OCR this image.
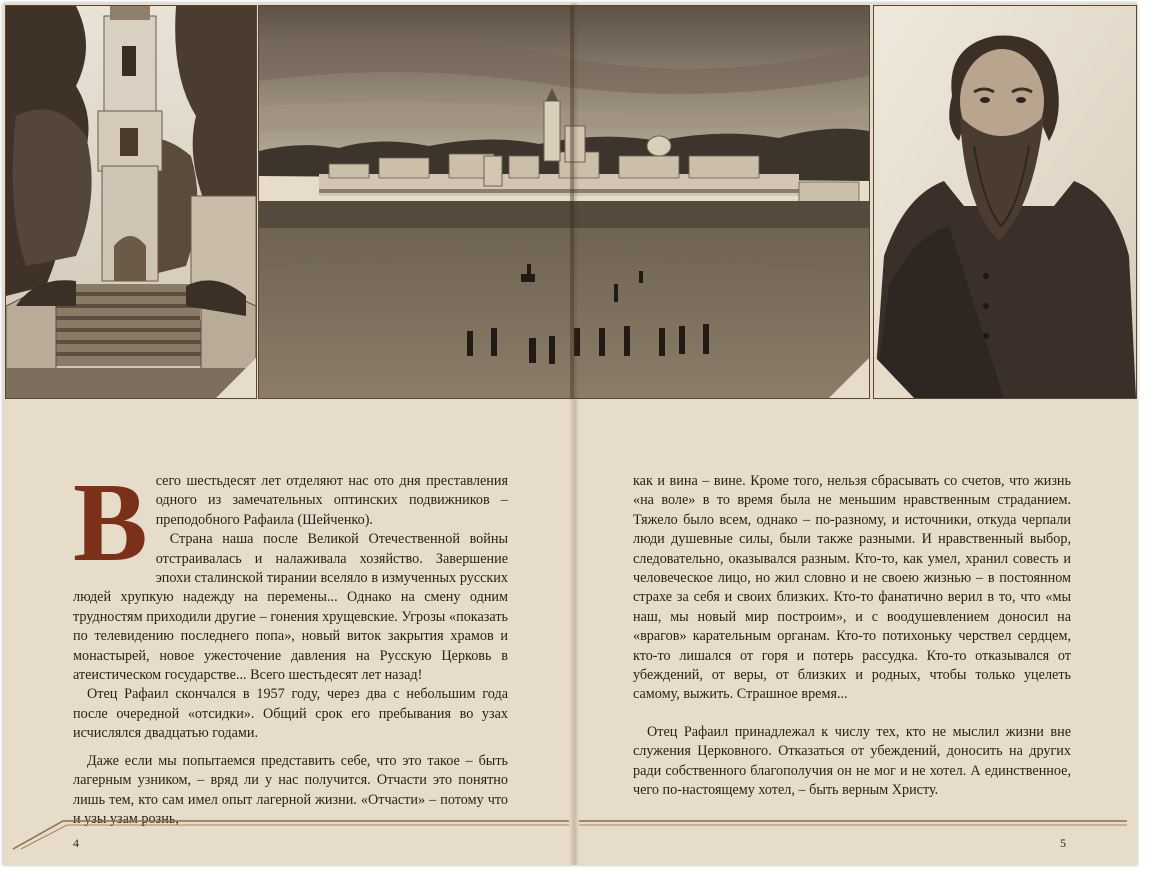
Всего шестьдесят лет отделяют нас ото дня преставления одного из замечательных оптинских подвижников – преподобного Рафаила (Шейченко).

Страна наша после Великой Отечественной войны отстраивалась и налаживала хозяйство. Завершение эпохи сталинской тирании вселяло в измученных русских людей хрупкую надежду на перемены... Однако на смену одним трудностям приходили другие – гонения хрущевские. Угрозы «показать по телевидению последнего попа», новый виток закрытия храмов и монастырей, новое ужесточение давления на Русскую Церковь в атеистическом государстве... Всего шестьдесят лет назад!

Отец Рафаил скончался в 1957 году, через два с небольшим года после очередной «отсидки». Общий срок его пребывания во узах исчислялся двадцатью годами.

Даже если мы попытаемся представить себе, что это такое – быть лагерным узником, – вряд ли у нас получится. Отчасти это понятно лишь тем, кто сам имел опыт лагерной жизни. «Отчасти» – потому что и узы узам рознь,

как и вина – вине. Кроме того, нельзя сбрасывать со счетов, что жизнь «на воле» в то время была не меньшим нравственным страданием. Тяжело было всем, однако – по-разному, и источники, откуда черпали люди душевные силы, были также разными. И нравственный выбор, следовательно, оказывался разным. Кто-то, как умел, хранил совесть и человеческое лицо, но жил словно и не своею жизнью – в постоянном страхе за себя и своих близких. Кто-то фанатично верил в то, что «мы наш, мы новый мир построим», и с воодушевлением доносил на «врагов» карательным органам. Кто-то потихоньку черствел сердцем, кто-то лишался от горя и потерь рассудка. Кто-то отказывался от убеждений, от веры, от близких и родных, чтобы только уцелеть самому, выжить. Страшное время...

Отец Рафаил принадлежал к числу тех, кто не мыслил жизни вне служения Церковного. Отказаться от убеждений, доносить на других ради собственного благополучия он не мог и не хотел. А единственное, чего по-настоящему хотел, – быть верным Христу.

4	5
